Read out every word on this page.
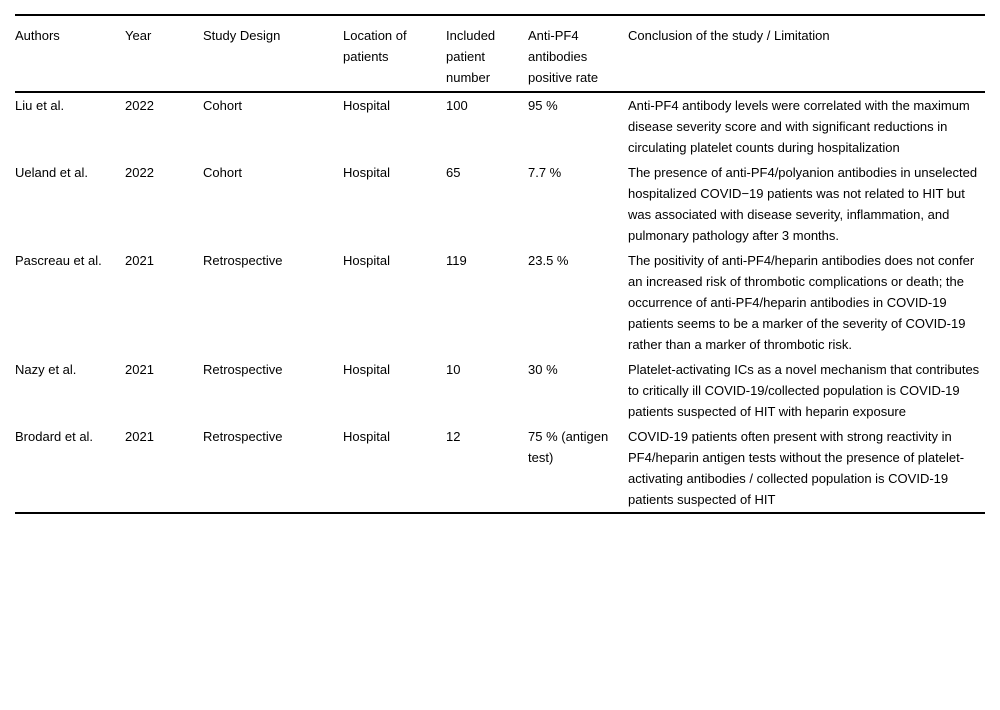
Authors	Year	Study Design	Location of patients	Included patient number	Anti-PF4 antibodies positive rate	Conclusion of the study / Limitation
Liu et al.	2022	Cohort	Hospital	100	95 %	Anti-PF4 antibody levels were correlated with the maximum disease severity score and with significant reductions in circulating platelet counts during hospitalization
Ueland et al.	2022	Cohort	Hospital	65	7.7 %	The presence of anti-PF4/polyanion antibodies in unselected hospitalized COVID−19 patients was not related to HIT but was associated with disease severity, inflammation, and pulmonary pathology after 3 months.
Pascreau et al.	2021	Retrospective	Hospital	119	23.5 %	The positivity of anti-PF4/heparin antibodies does not confer an increased risk of thrombotic complications or death; the occurrence of anti-PF4/heparin antibodies in COVID-19 patients seems to be a marker of the severity of COVID-19 rather than a marker of thrombotic risk.
Nazy et al.	2021	Retrospective	Hospital	10	30 %	Platelet-activating ICs as a novel mechanism that contributes to critically ill COVID-19/collected population is COVID-19 patients suspected of HIT with heparin exposure
Brodard et al.	2021	Retrospective	Hospital	12	75 % (antigen test)	COVID-19 patients often present with strong reactivity in PF4/heparin antigen tests without the presence of platelet-activating antibodies / collected population is COVID-19 patients suspected of HIT
